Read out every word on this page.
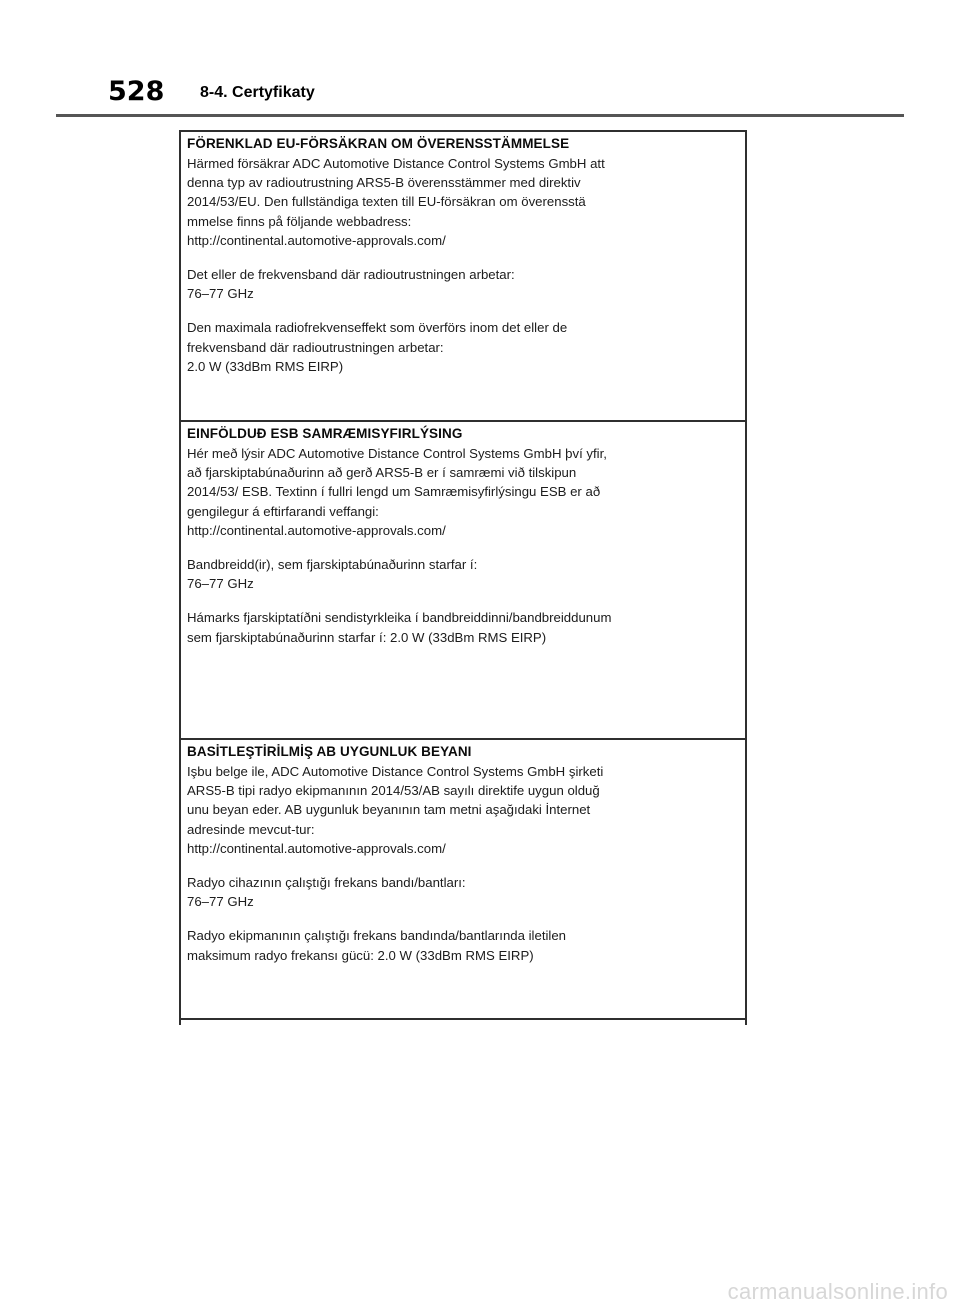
528 8-4. Certyfikaty
FÖRENKLAD EU-FÖRSÄKRAN OM ÖVERENSSTÄMMELSE
Härmed försäkrar ADC Automotive Distance Control Systems GmbH att
denna typ av radioutrustning ARS5-B överensstämmer med direktiv
2014/53/EU. Den fullständiga texten till EU-försäkran om överensstä
mmelse finns på följande webbadress:
http://continental.automotive-approvals.com/
Det eller de frekvensband där radioutrustningen arbetar:
76–77 GHz
Den maximala radiofrekvenseffekt som överförs inom det eller de
frekvensband där radioutrustningen arbetar:
2.0 W (33dBm RMS EIRP)
EINFÖLDUÐ ESB SAMRÆMISYFIRLÝSING
Hér með lýsir ADC Automotive Distance Control Systems GmbH því yfir,
að fjarskiptabúnaðurinn að gerð ARS5-B er í samræmi við tilskipun
2014/53/ ESB. Textinn í fullri lengd um Samræmisyfirlýsingu ESB er að
gengilegur á eftirfarandi veffangi:
http://continental.automotive-approvals.com/
Bandbreidd(ir), sem fjarskiptabúnaðurinn starfar í:
76–77 GHz
Hámarks fjarskiptatíðni sendistyrkleika í bandbreiddinni/bandbreiddunum
sem fjarskiptabúnaðurinn starfar í: 2.0 W (33dBm RMS EIRP)
BASİTLEŞTİRİLMİŞ AB UYGUNLUK BEYANI
Işbu belge ile, ADC Automotive Distance Control Systems GmbH şirketi
ARS5-B tipi radyo ekipmanının 2014/53/AB sayılı direktife uygun olduğ
unu beyan eder. AB uygunluk beyanının tam metni aşağıdaki İnternet
adresinde mevcut-tur:
http://continental.automotive-approvals.com/
Radyo cihazının çalıştığı frekans bandı/bantları:
76–77 GHz
Radyo ekipmanının çalıştığı frekans bandında/bantlarında iletilen
maksimum radyo frekansı gücü: 2.0 W (33dBm RMS EIRP)
carmanualsonline.info
